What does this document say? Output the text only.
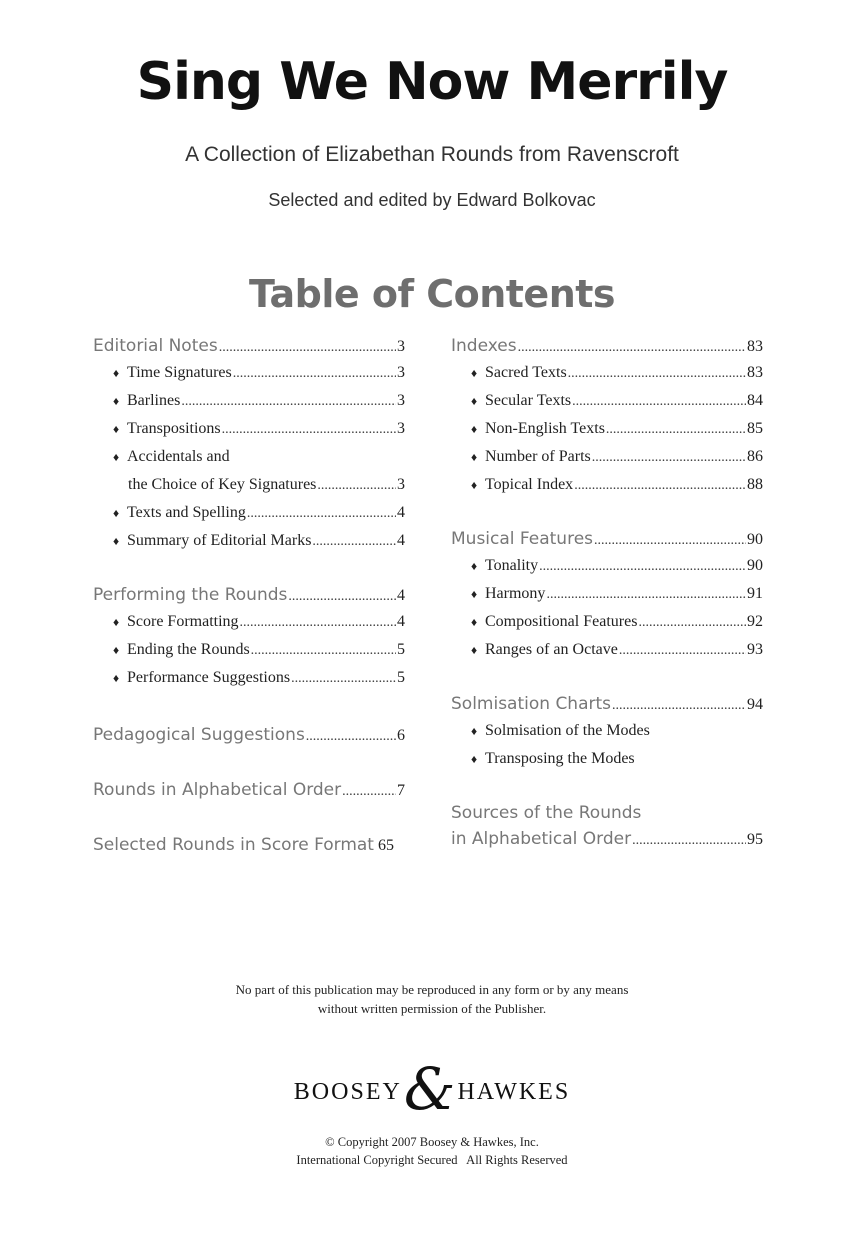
Sing We Now Merrily
A Collection of Elizabethan Rounds from Ravenscroft
Selected and edited by Edward Bolkovac
Table of Contents
Editorial Notes .....	3
♦ Time Signatures .....	3
♦ Barlines .....	3
♦ Transpositions .....	3
♦ Accidentals and
the Choice of Key Signatures .....	3
♦ Texts and Spelling .....	4
♦ Summary of Editorial Marks .....	4
Performing the Rounds .....	4
♦ Score Formatting .....	4
♦ Ending the Rounds .....	5
♦ Performance Suggestions .....	5
Pedagogical Suggestions .....	6
Rounds in Alphabetical Order .....	7
Selected Rounds in Score Format 65
Indexes .....	83
♦ Sacred Texts .....	83
♦ Secular Texts .....	84
♦ Non-English Texts .....	85
♦ Number of Parts .....	86
♦ Topical Index .....	88
Musical Features .....	90
♦ Tonality .....	90
♦ Harmony .....	91
♦ Compositional Features .....	92
♦ Ranges of an Octave .....	93
Solmisation Charts .....	94
♦ Solmisation of the Modes
♦ Transposing the Modes
Sources of the Rounds
in Alphabetical Order .....	95
No part of this publication may be reproduced in any form or by any means
without written permission of the Publisher.
BOOSEY&HAWKES
© Copyright 2007 Boosey & Hawkes, Inc.
International Copyright Secured   All Rights Reserved
